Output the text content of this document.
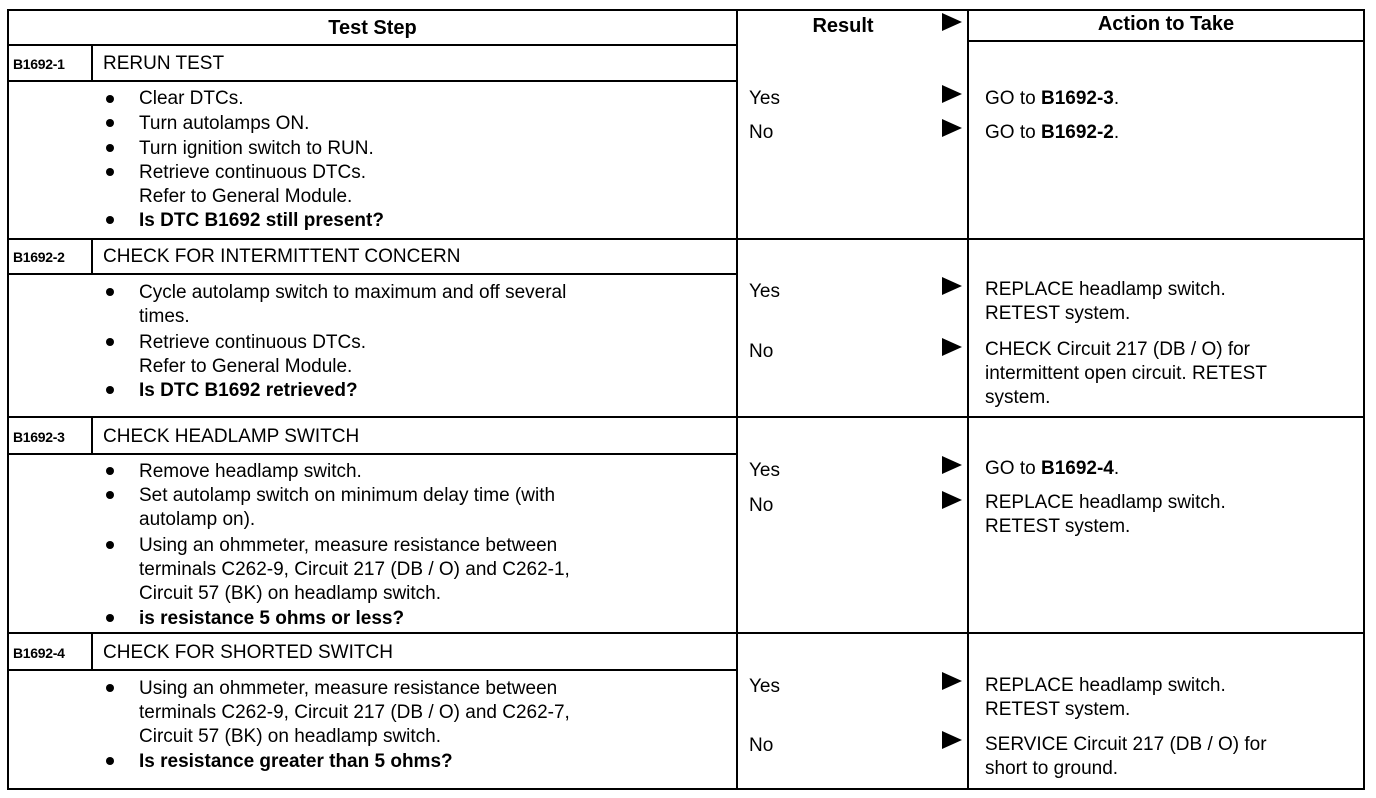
Test Step	Result	Action to Take
B1692-1 RERUN TEST
Clear DTCs.
Turn autolamps ON.
Turn ignition switch to RUN.
Retrieve continuous DTCs.
Refer to General Module.
Is DTC B1692 still present?
Yes	GO to B1692-3.
No	GO to B1692-2.
B1692-2 CHECK FOR INTERMITTENT CONCERN
Cycle autolamp switch to maximum and off several
times.
Retrieve continuous DTCs.
Refer to General Module.
Is DTC B1692 retrieved?
Yes	REPLACE headlamp switch.
RETEST system.
No	CHECK Circuit 217 (DB / O) for
intermittent open circuit. RETEST
system.
B1692-3 CHECK HEADLAMP SWITCH
Remove headlamp switch.
Set autolamp switch on minimum delay time (with
autolamp on).
Using an ohmmeter, measure resistance between
terminals C262-9, Circuit 217 (DB / O) and C262-1,
Circuit 57 (BK) on headlamp switch.
is resistance 5 ohms or less?
Yes	GO to B1692-4.
No	REPLACE headlamp switch.
RETEST system.
B1692-4 CHECK FOR SHORTED SWITCH
Using an ohmmeter, measure resistance between
terminals C262-9, Circuit 217 (DB / O) and C262-7,
Circuit 57 (BK) on headlamp switch.
Is resistance greater than 5 ohms?
Yes	REPLACE headlamp switch.
RETEST system.
No	SERVICE Circuit 217 (DB / O) for
short to ground.
